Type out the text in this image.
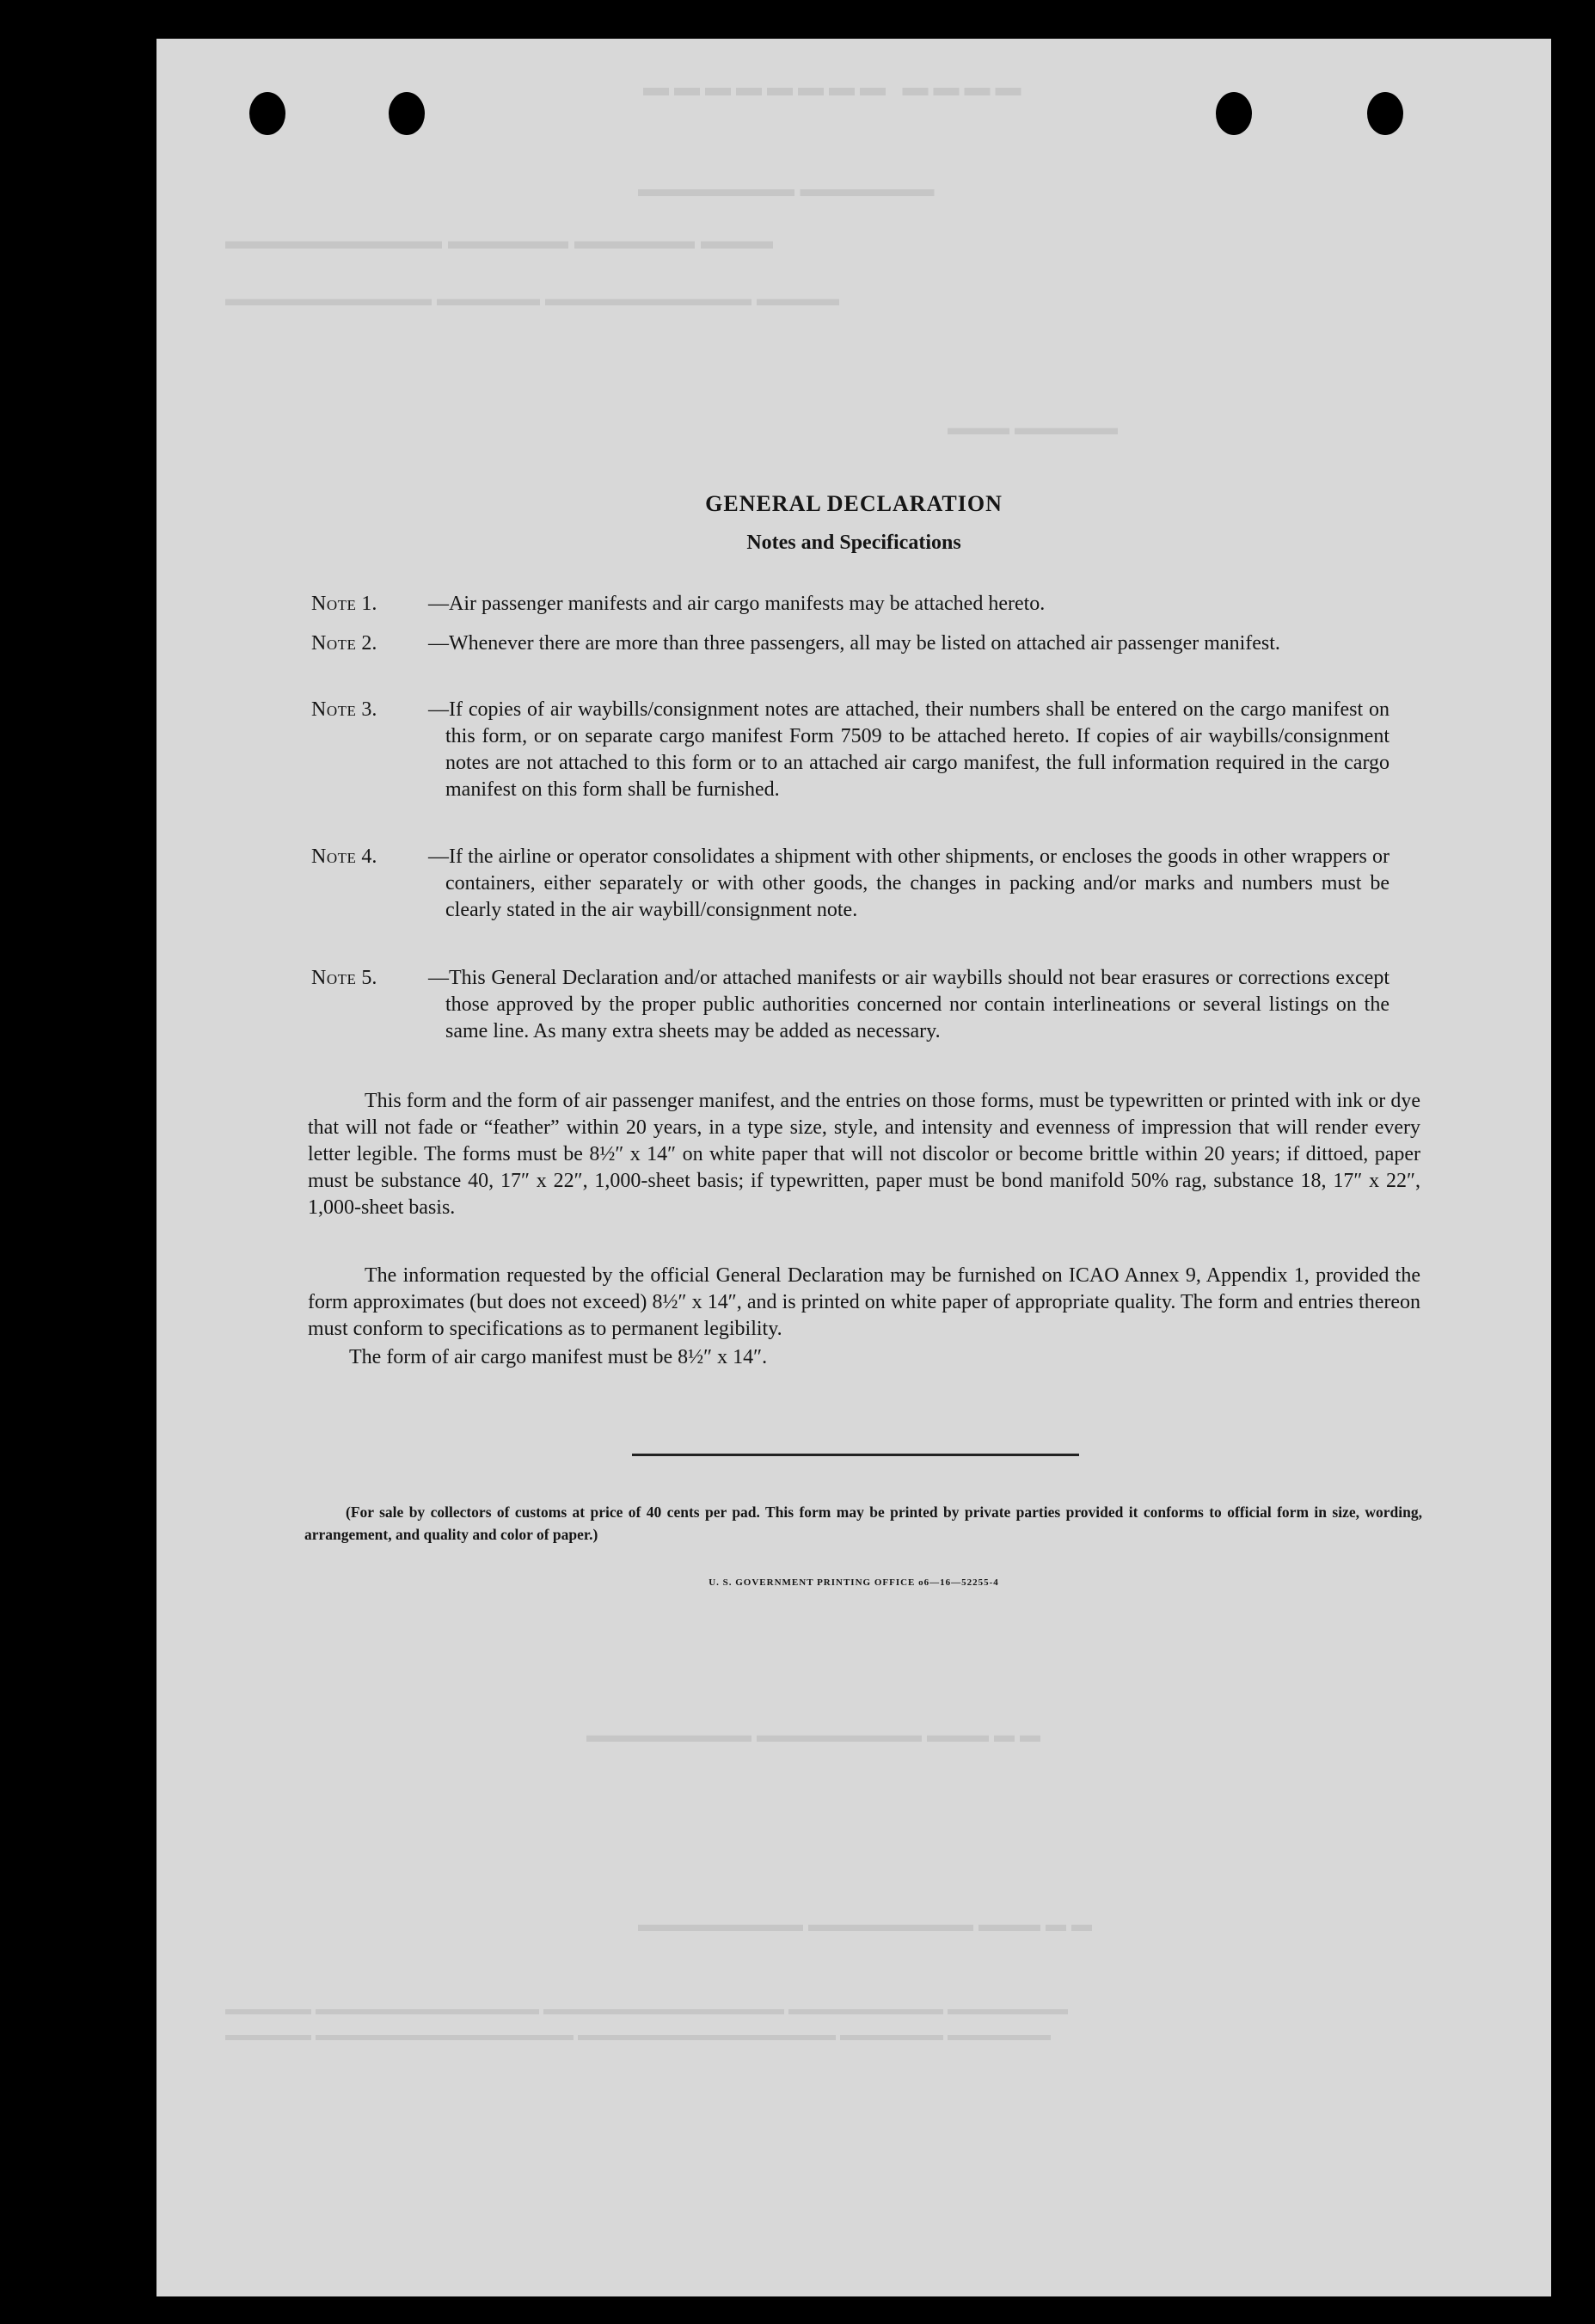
▬▬▬▬ ▬▬▬▬▬▬▬▬
▬▬▬▬▬▬ ▬▬▬▬▬▬▬
▬▬▬ ▬▬▬▬▬ ▬▬▬▬▬ ▬▬▬▬▬▬▬▬▬
▬▬▬▬ ▬▬▬▬▬▬▬▬▬▬ ▬▬▬▬▬ ▬▬▬▬▬▬▬▬▬▬
▬▬▬▬▬ ▬▬▬
▬ ▬ ▬▬▬ ▬▬▬▬▬▬▬▬ ▬▬▬▬▬▬▬▬
▬ ▬ ▬▬▬ ▬▬▬▬▬▬▬▬ ▬▬▬▬▬▬▬▬
▬▬▬▬▬▬▬ ▬▬▬▬▬▬▬▬▬ ▬▬▬▬▬▬▬▬▬▬▬▬▬▬ ▬▬▬▬▬▬▬▬▬▬▬▬▬ ▬▬▬▬▬
▬▬▬▬▬▬ ▬▬▬▬▬▬ ▬▬▬▬▬▬▬▬▬▬▬▬▬▬▬ ▬▬▬▬▬▬▬▬▬▬▬▬▬▬▬ ▬▬▬▬▬
GENERAL DECLARATION
Notes and Specifications
Note 1. —Air passenger manifests and air cargo manifests may be attached hereto.
Note 2. —Whenever there are more than three passengers, all may be listed on attached air passenger manifest.
Note 3. —If copies of air waybills/consignment notes are attached, their numbers shall be entered on the cargo manifest on this form, or on separate cargo manifest Form 7509 to be attached hereto. If copies of air waybills/consignment notes are not attached to this form or to an attached air cargo manifest, the full information required in the cargo manifest on this form shall be furnished.
Note 4. —If the airline or operator consolidates a shipment with other shipments, or encloses the goods in other wrappers or containers, either separately or with other goods, the changes in packing and/or marks and numbers must be clearly stated in the air waybill/consignment note.
Note 5. —This General Declaration and/or attached manifests or air waybills should not bear erasures or corrections except those approved by the proper public authorities concerned nor contain interlineations or several listings on the same line. As many extra sheets may be added as necessary.
This form and the form of air passenger manifest, and the entries on those forms, must be typewritten or printed with ink or dye that will not fade or “feather” within 20 years, in a type size, style, and intensity and evenness of impression that will render every letter legible. The forms must be 8½″ x 14″ on white paper that will not discolor or become brittle within 20 years; if dittoed, paper must be substance 40, 17″ x 22″, 1,000-sheet basis; if typewritten, paper must be bond manifold 50% rag, substance 18, 17″ x 22″, 1,000-sheet basis.
The information requested by the official General Declaration may be furnished on ICAO Annex 9, Appendix 1, provided the form approximates (but does not exceed) 8½″ x 14″, and is printed on white paper of appropriate quality. The form and entries thereon must conform to specifications as to permanent legibility.
The form of air cargo manifest must be 8½″ x 14″.
(For sale by collectors of customs at price of 40 cents per pad. This form may be printed by private parties provided it conforms to official form in size, wording, arrangement, and quality and color of paper.)
U. S. GOVERNMENT PRINTING OFFICE o6—16—52255-4
